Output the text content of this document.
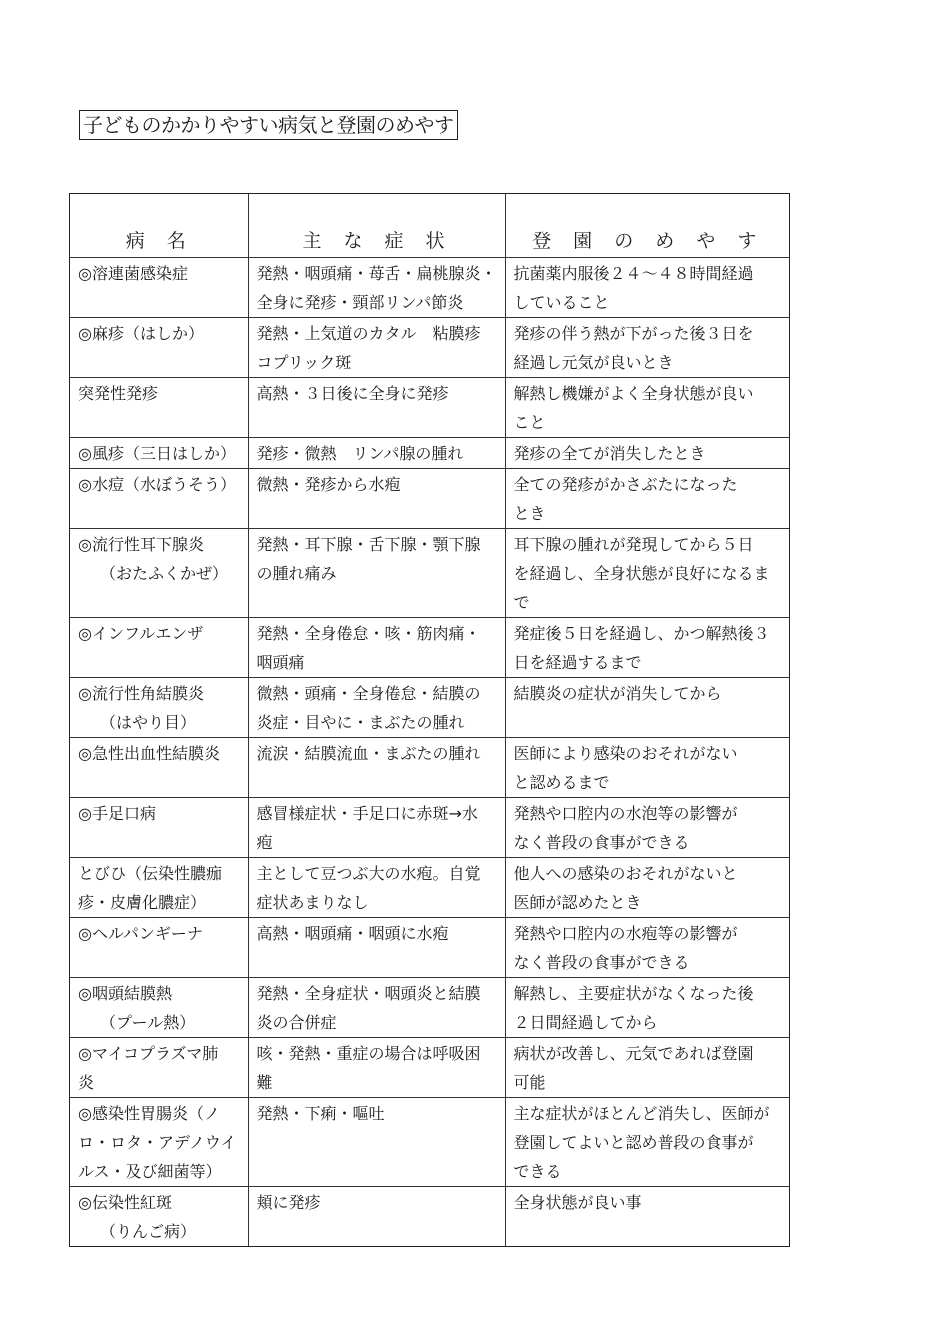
子どものかかりやすい病気と登園のめやす
病 名	主 な 症 状	登 園 の め や す

◎溶連菌感染症	発熱・咽頭痛・苺舌・扁桃腺炎・
全身に発疹・頸部リンパ節炎	抗菌薬内服後２４〜４８時間経過
していること

◎麻疹（はしか）	発熱・上気道のカタル　粘膜疹
コプリック斑	発疹の伴う熱が下がった後３日を
経過し元気が良いとき

突発性発疹	高熱・３日後に全身に発疹	解熱し機嫌がよく全身状態が良い
こと

◎風疹（三日はしか）	発疹・微熱　リンパ腺の腫れ	発疹の全てが消失したとき

◎水痘（水ぼうそう）	微熱・発疹から水疱	全ての発疹がかさぶたになった
とき

◎流行性耳下腺炎
（おたふくかぜ）	発熱・耳下腺・舌下腺・顎下腺
の腫れ痛み	耳下腺の腫れが発現してから５日
を経過し、全身状態が良好になるま
で

◎インフルエンザ	発熱・全身倦怠・咳・筋肉痛・
咽頭痛	発症後５日を経過し、かつ解熱後３
日を経過するまで

◎流行性角結膜炎
（はやり目）	微熱・頭痛・全身倦怠・結膜の
炎症・目やに・まぶたの腫れ	結膜炎の症状が消失してから

◎急性出血性結膜炎	流涙・結膜流血・まぶたの腫れ	医師により感染のおそれがない
と認めるまで

◎手足口病	感冒様症状・手足口に赤斑→水
疱	発熱や口腔内の水泡等の影響が
なく普段の食事ができる

とびひ（伝染性膿痂
疹・皮膚化膿症）	主として豆つぶ大の水疱。自覚
症状あまりなし	他人への感染のおそれがないと
医師が認めたとき

◎ヘルパンギーナ	高熱・咽頭痛・咽頭に水疱	発熱や口腔内の水疱等の影響が
なく普段の食事ができる

◎咽頭結膜熱
（プール熱）	発熱・全身症状・咽頭炎と結膜
炎の合併症	解熱し、主要症状がなくなった後
２日間経過してから

◎マイコプラズマ肺
炎	咳・発熱・重症の場合は呼吸困
難	病状が改善し、元気であれば登園
可能

◎感染性胃腸炎（ノ
ロ・ロタ・アデノウイ
ルス・及び細菌等）	発熱・下痢・嘔吐	主な症状がほとんど消失し、医師が
登園してよいと認め普段の食事が
できる

◎伝染性紅斑
（りんご病）	頬に発疹	全身状態が良い事
